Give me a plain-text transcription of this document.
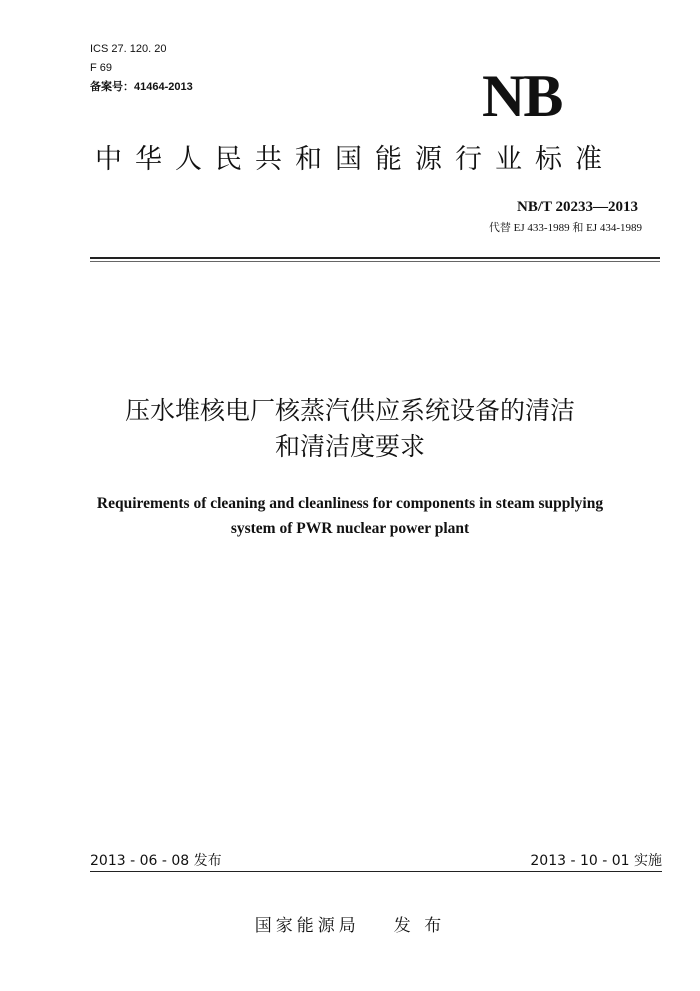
ICS 27. 120. 20
F 69
备案号：41464-2013	NB
中华人民共和国能源行业标准
NB/T 20233—2013
代替 EJ 433-1989 和 EJ 434-1989
压水堆核电厂核蒸汽供应系统设备的清洁
和清洁度要求
Requirements of cleaning and cleanliness for components in steam supplying
system of PWR nuclear power plant
2013 - 06 - 08 发布	2013 - 10 - 01 实施
国家能源局 发 布
